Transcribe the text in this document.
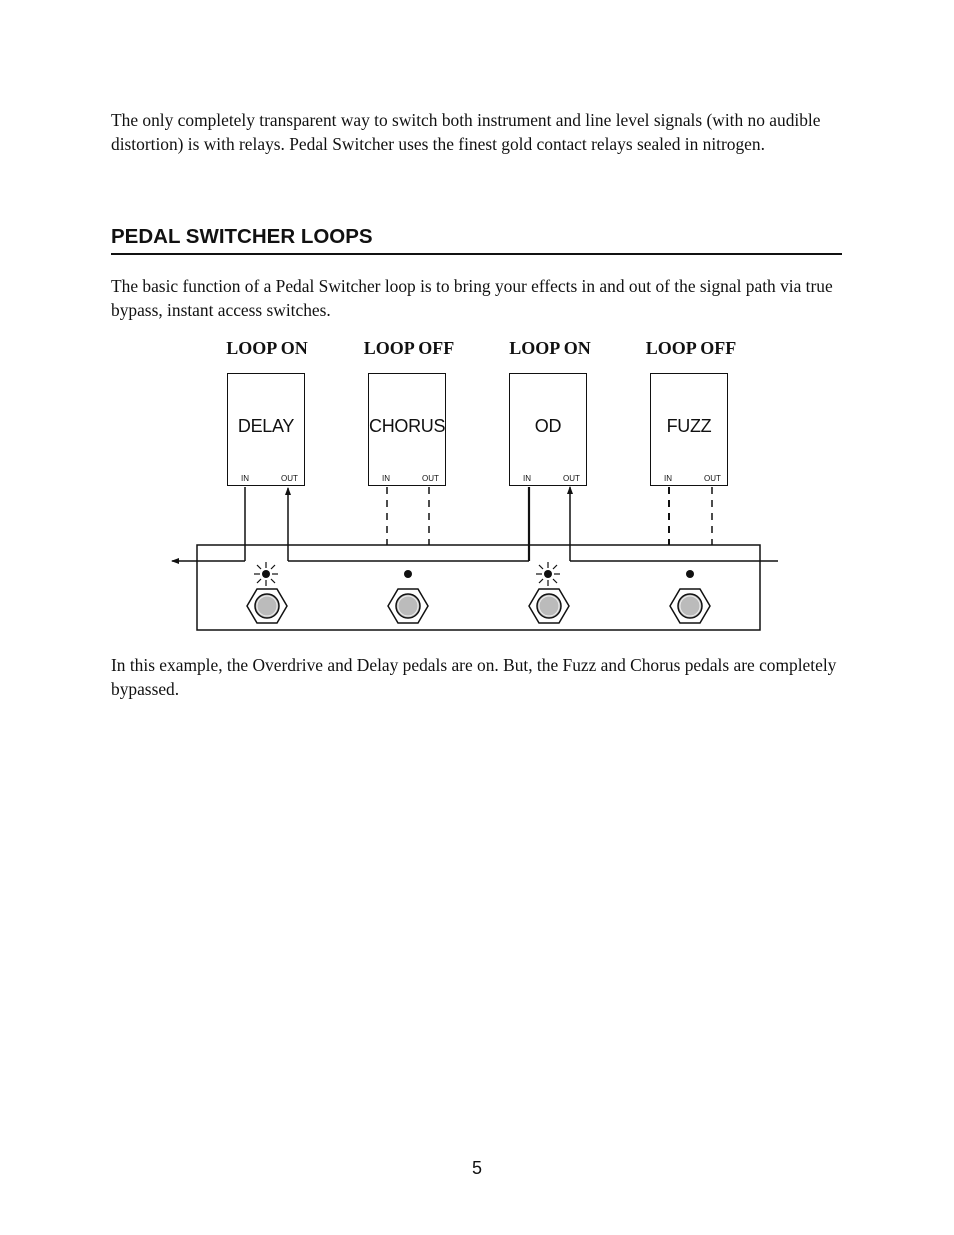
The only completely transparent way to switch both instrument and line level signals (with no audible distortion) is with relays. Pedal Switcher uses the finest gold contact relays sealed in nitrogen.

PEDAL SWITCHER LOOPS

The basic function of a Pedal Switcher loop is to bring your effects in and out of the signal path via true bypass, instant access switches.

LOOP ON	LOOP OFF	LOOP ON	LOOP OFF
DELAY
IN	OUT
CHORUS
IN	OUT
OD
IN	OUT
FUZZ
IN	OUT

In this example, the Overdrive and Delay pedals are on. But, the Fuzz and Chorus pedals are completely bypassed.

5
